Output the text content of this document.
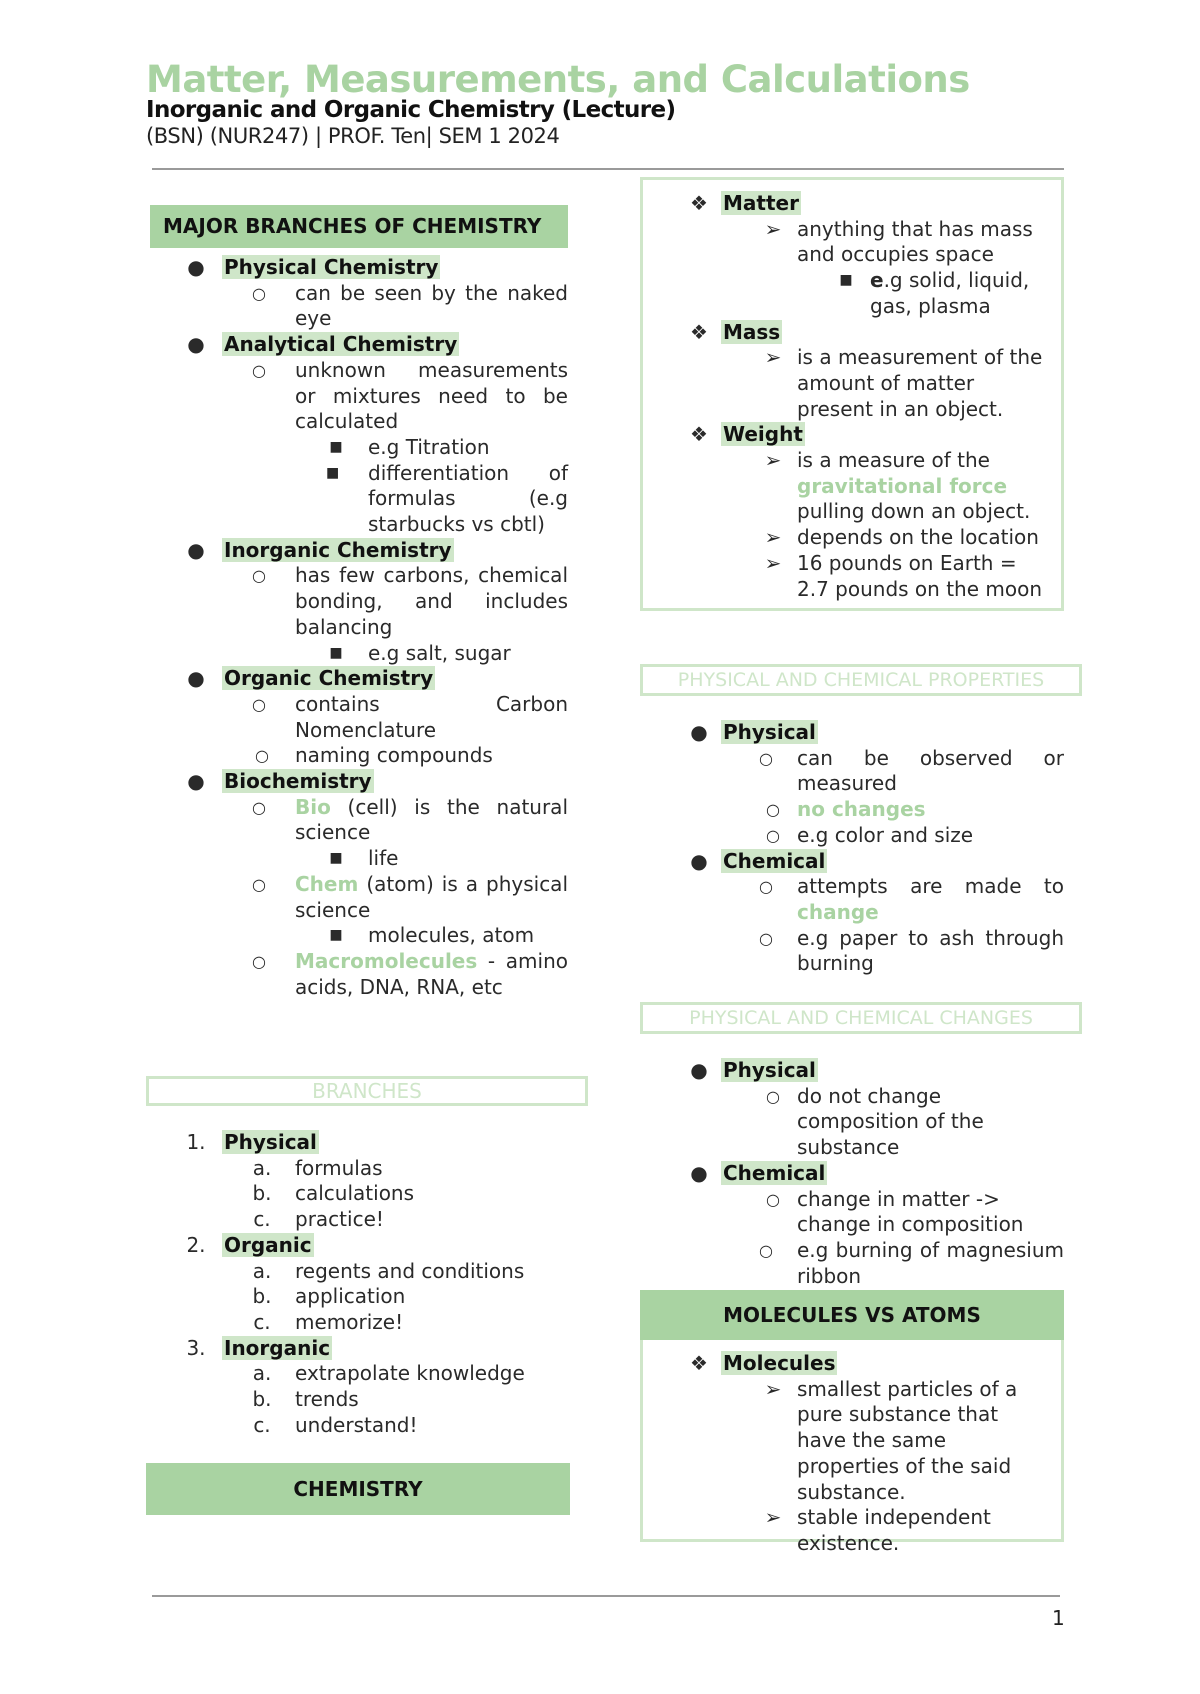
Matter, Measurements, and Calculations
Inorganic and Organic Chemistry (Lecture)
(BSN) (NUR247) | PROF. Ten| SEM 1 2024
MAJOR BRANCHES OF CHEMISTRY
● Physical Chemistry
○	can be seen by the naked eye
● Analytical Chemistry
○	unknown measurements or mixtures need to be calculated
■ e.g Titration
■	differentiation of formulas (e.g starbucks vs cbtl)
● Inorganic Chemistry
○	has few carbons, chemical bonding, and includes balancing
■ e.g salt, sugar
● Organic Chemistry
○	contains Carbon Nomenclature
○ naming compounds
● Biochemistry
○	Bio (cell) is the natural science
■ life
○	Chem (atom) is a physical science
■ molecules, atom
○	Macromolecules - amino acids, DNA, RNA, etc
BRANCHES
1. Physical
a. formulas
b. calculations
c. practice!
2. Organic
a. regents and conditions
b. application
c. memorize!
3. Inorganic
a. extrapolate knowledge
b. trends
c. understand!
CHEMISTRY
❖ Matter
➢ anything that has mass and occupies space
■ e.g solid, liquid, gas, plasma
❖ Mass
➢ is a measurement of the amount of matter present in an object.
❖ Weight
➢ is a measure of the
gravitational force
pulling down an object.
➢ depends on the location
➢ 16 pounds on Earth = 2.7 pounds on the moon
PHYSICAL AND CHEMICAL PROPERTIES
● Physical
○	can be observed or measured
○ no changes
○ e.g color and size
● Chemical
○	attempts are made to change
○	e.g paper to ash through burning
PHYSICAL AND CHEMICAL CHANGES
● Physical
○ do not change composition of the substance
● Chemical
○ change in matter -> change in composition
○	e.g burning of magnesium ribbon
MOLECULES VS ATOMS
❖ Molecules
➢ smallest particles of a pure substance that have the same properties of the said substance.
➢ stable independent existence.
1
